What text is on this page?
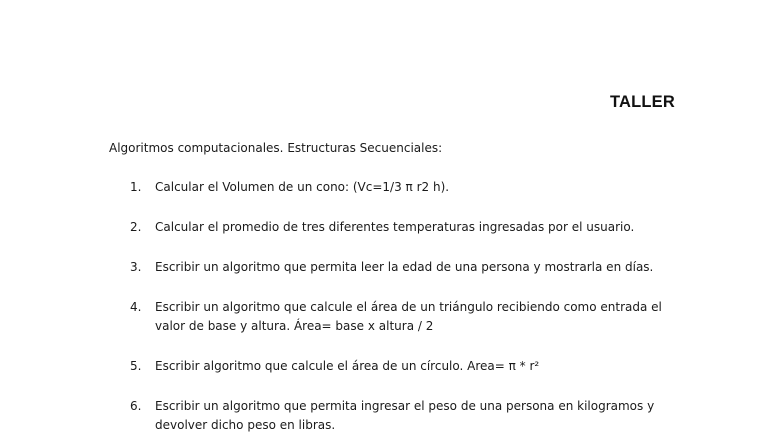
TALLER
Algoritmos computacionales. Estructuras Secuenciales:
1.	Calcular el Volumen de un cono: (Vc=1/3 π r2 h).
2.	Calcular el promedio de tres diferentes temperaturas ingresadas por el usuario.
3.	Escribir un algoritmo que permita leer la edad de una persona y mostrarla en días.
4.	Escribir un algoritmo que calcule el área de un triángulo recibiendo como entrada el valor de base y altura. Área= base x altura / 2
5.	Escribir algoritmo que calcule el área de un círculo. Area= π * r²
6.	Escribir un algoritmo que permita ingresar el peso de una persona en kilogramos y devolver dicho peso en libras.
